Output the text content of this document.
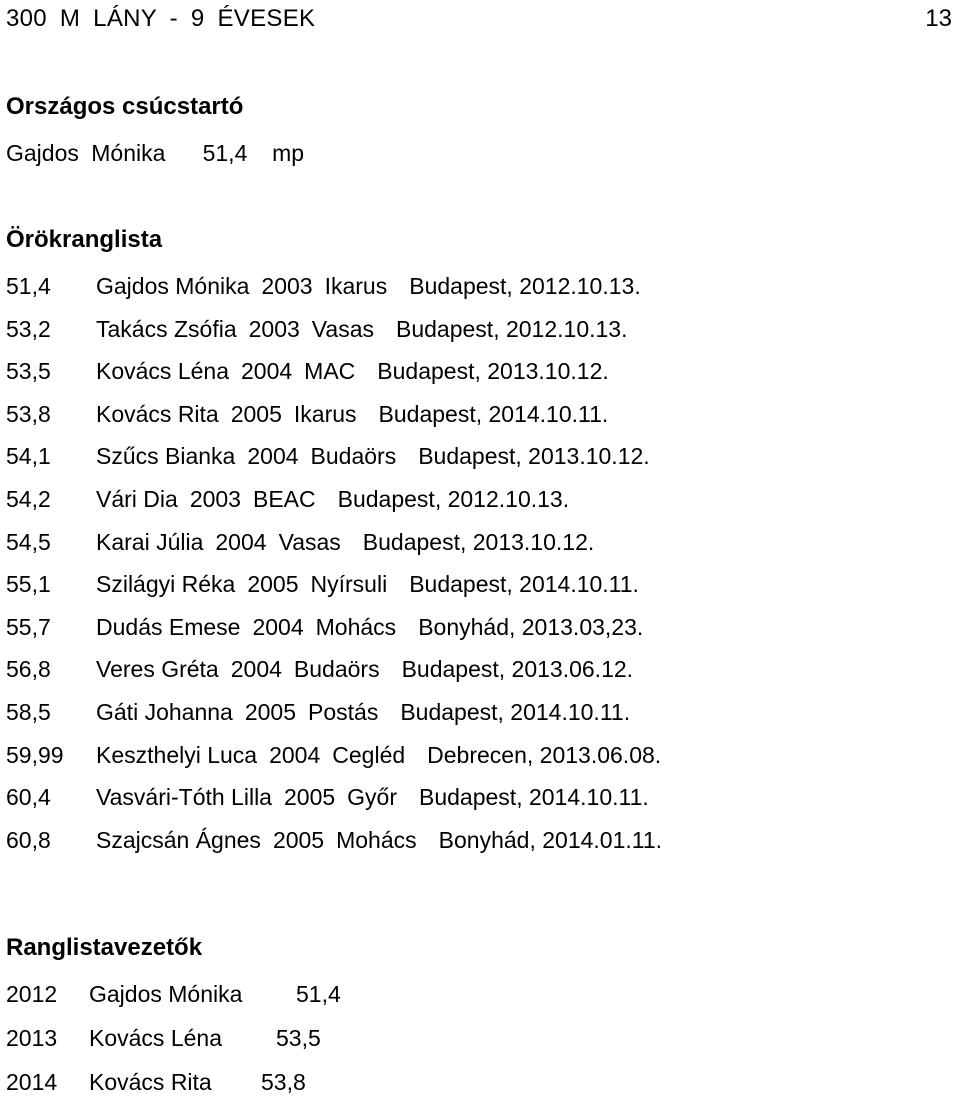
300 M LÁNY - 9 ÉVESEK	13
Országos csúcstartó
Gajdos Mónika 51,4 mp
Örökranglista
51,4 Gajdos Mónika 2003 Ikarus Budapest, 2012.10.13.
53,2 Takács Zsófia 2003 Vasas Budapest, 2012.10.13.
53,5 Kovács Léna 2004 MAC Budapest, 2013.10.12.
53,8 Kovács Rita 2005 Ikarus Budapest, 2014.10.11.
54,1 Szűcs Bianka 2004 Budaörs Budapest, 2013.10.12.
54,2 Vári Dia 2003 BEAC Budapest, 2012.10.13.
54,5 Karai Júlia 2004 Vasas Budapest, 2013.10.12.
55,1 Szilágyi Réka 2005 Nyírsuli Budapest, 2014.10.11.
55,7 Dudás Emese 2004 Mohács Bonyhád, 2013.03,23.
56,8 Veres Gréta 2004 Budaörs Budapest, 2013.06.12.
58,5 Gáti Johanna 2005 Postás Budapest, 2014.10.11.
59,99 Keszthelyi Luca 2004 Cegléd Debrecen, 2013.06.08.
60,4 Vasvári-Tóth Lilla 2005 Győr Budapest, 2014.10.11.
60,8 Szajcsán Ágnes 2005 Mohács Bonyhád, 2014.01.11.
Ranglistavezetők
2012 Gajdos Mónika 51,4
2013 Kovács Léna 53,5
2014 Kovács Rita 53,8
